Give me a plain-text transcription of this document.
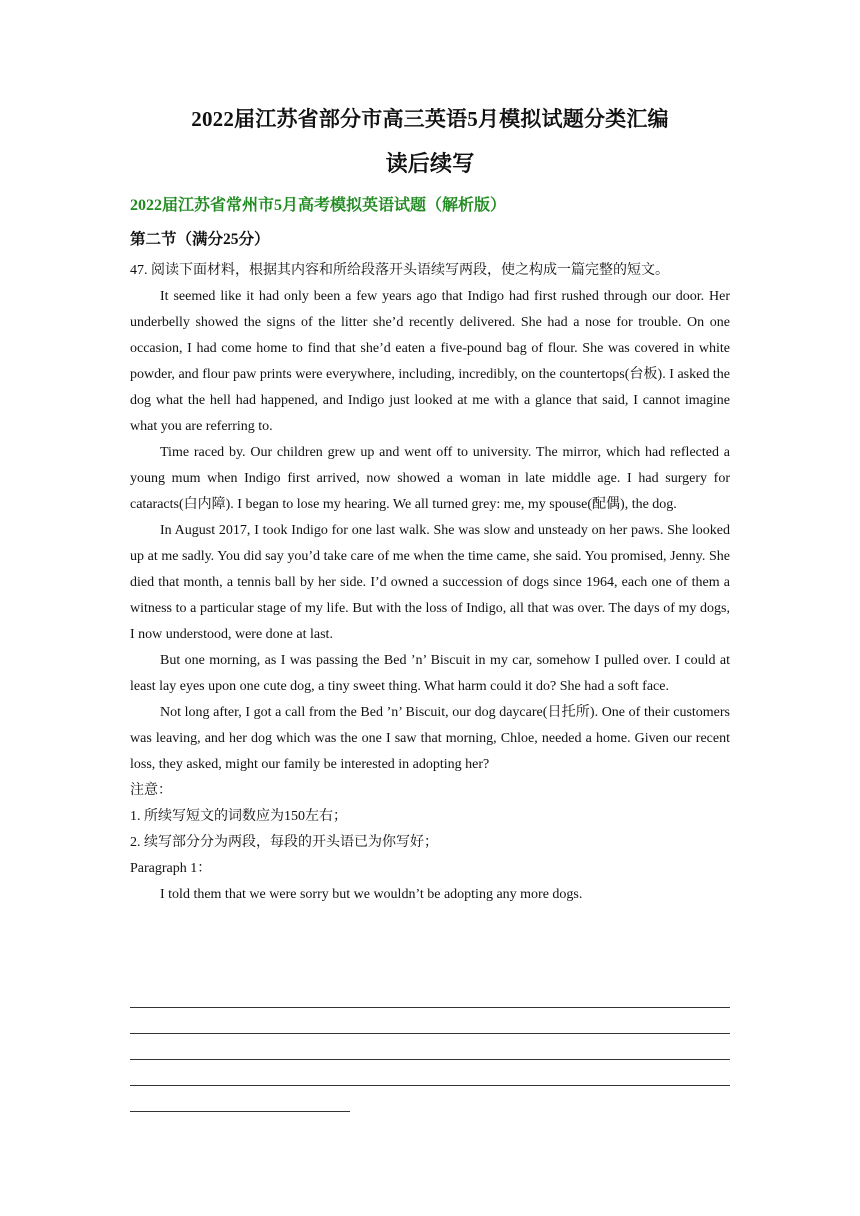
2022届江苏省部分市高三英语5月模拟试题分类汇编
读后续写
2022届江苏省常州市5月高考模拟英语试题（解析版）
第二节（满分25分）

47. 阅读下面材料，根据其内容和所给段落开头语续写两段，使之构成一篇完整的短文。

It seemed like it had only been a few years ago that Indigo had first rushed through our door. Her underbelly showed the signs of the litter she’d recently delivered. She had a nose for trouble. On one occasion, I had come home to find that she’d eaten a five-pound bag of flour. She was covered in white powder, and flour paw prints were everywhere, including, incredibly, on the countertops(台板). I asked the dog what the hell had happened, and Indigo just looked at me with a glance that said, I cannot imagine what you are referring to.

Time raced by. Our children grew up and went off to university. The mirror, which had reflected a young mum when Indigo first arrived, now showed a woman in late middle age. I had surgery for cataracts(白内障). I began to lose my hearing. We all turned grey: me, my spouse(配偶), the dog.

In August 2017, I took Indigo for one last walk. She was slow and unsteady on her paws. She looked up at me sadly. You did say you’d take care of me when the time came, she said. You promised, Jenny. She died that month, a tennis ball by her side. I’d owned a succession of dogs since 1964, each one of them a witness to a particular stage of my life. But with the loss of Indigo, all that was over. The days of my dogs, I now understood, were done at last.

But one morning, as I was passing the Bed ’n’ Biscuit in my car, somehow I pulled over. I could at least lay eyes upon one cute dog, a tiny sweet thing. What harm could it do? She had a soft face.

Not long after, I got a call from the Bed ’n’ Biscuit, our dog daycare(日托所). One of their customers was leaving, and her dog which was the one I saw that morning, Chloe, needed a home. Given our recent loss, they asked, might our family be interested in adopting her?

注意：

1. 所续写短文的词数应为150左右；

2. 续写部分分为两段，每段的开头语已为你写好；

Paragraph 1：

I told them that we were sorry but we wouldn’t be adopting any more dogs.
